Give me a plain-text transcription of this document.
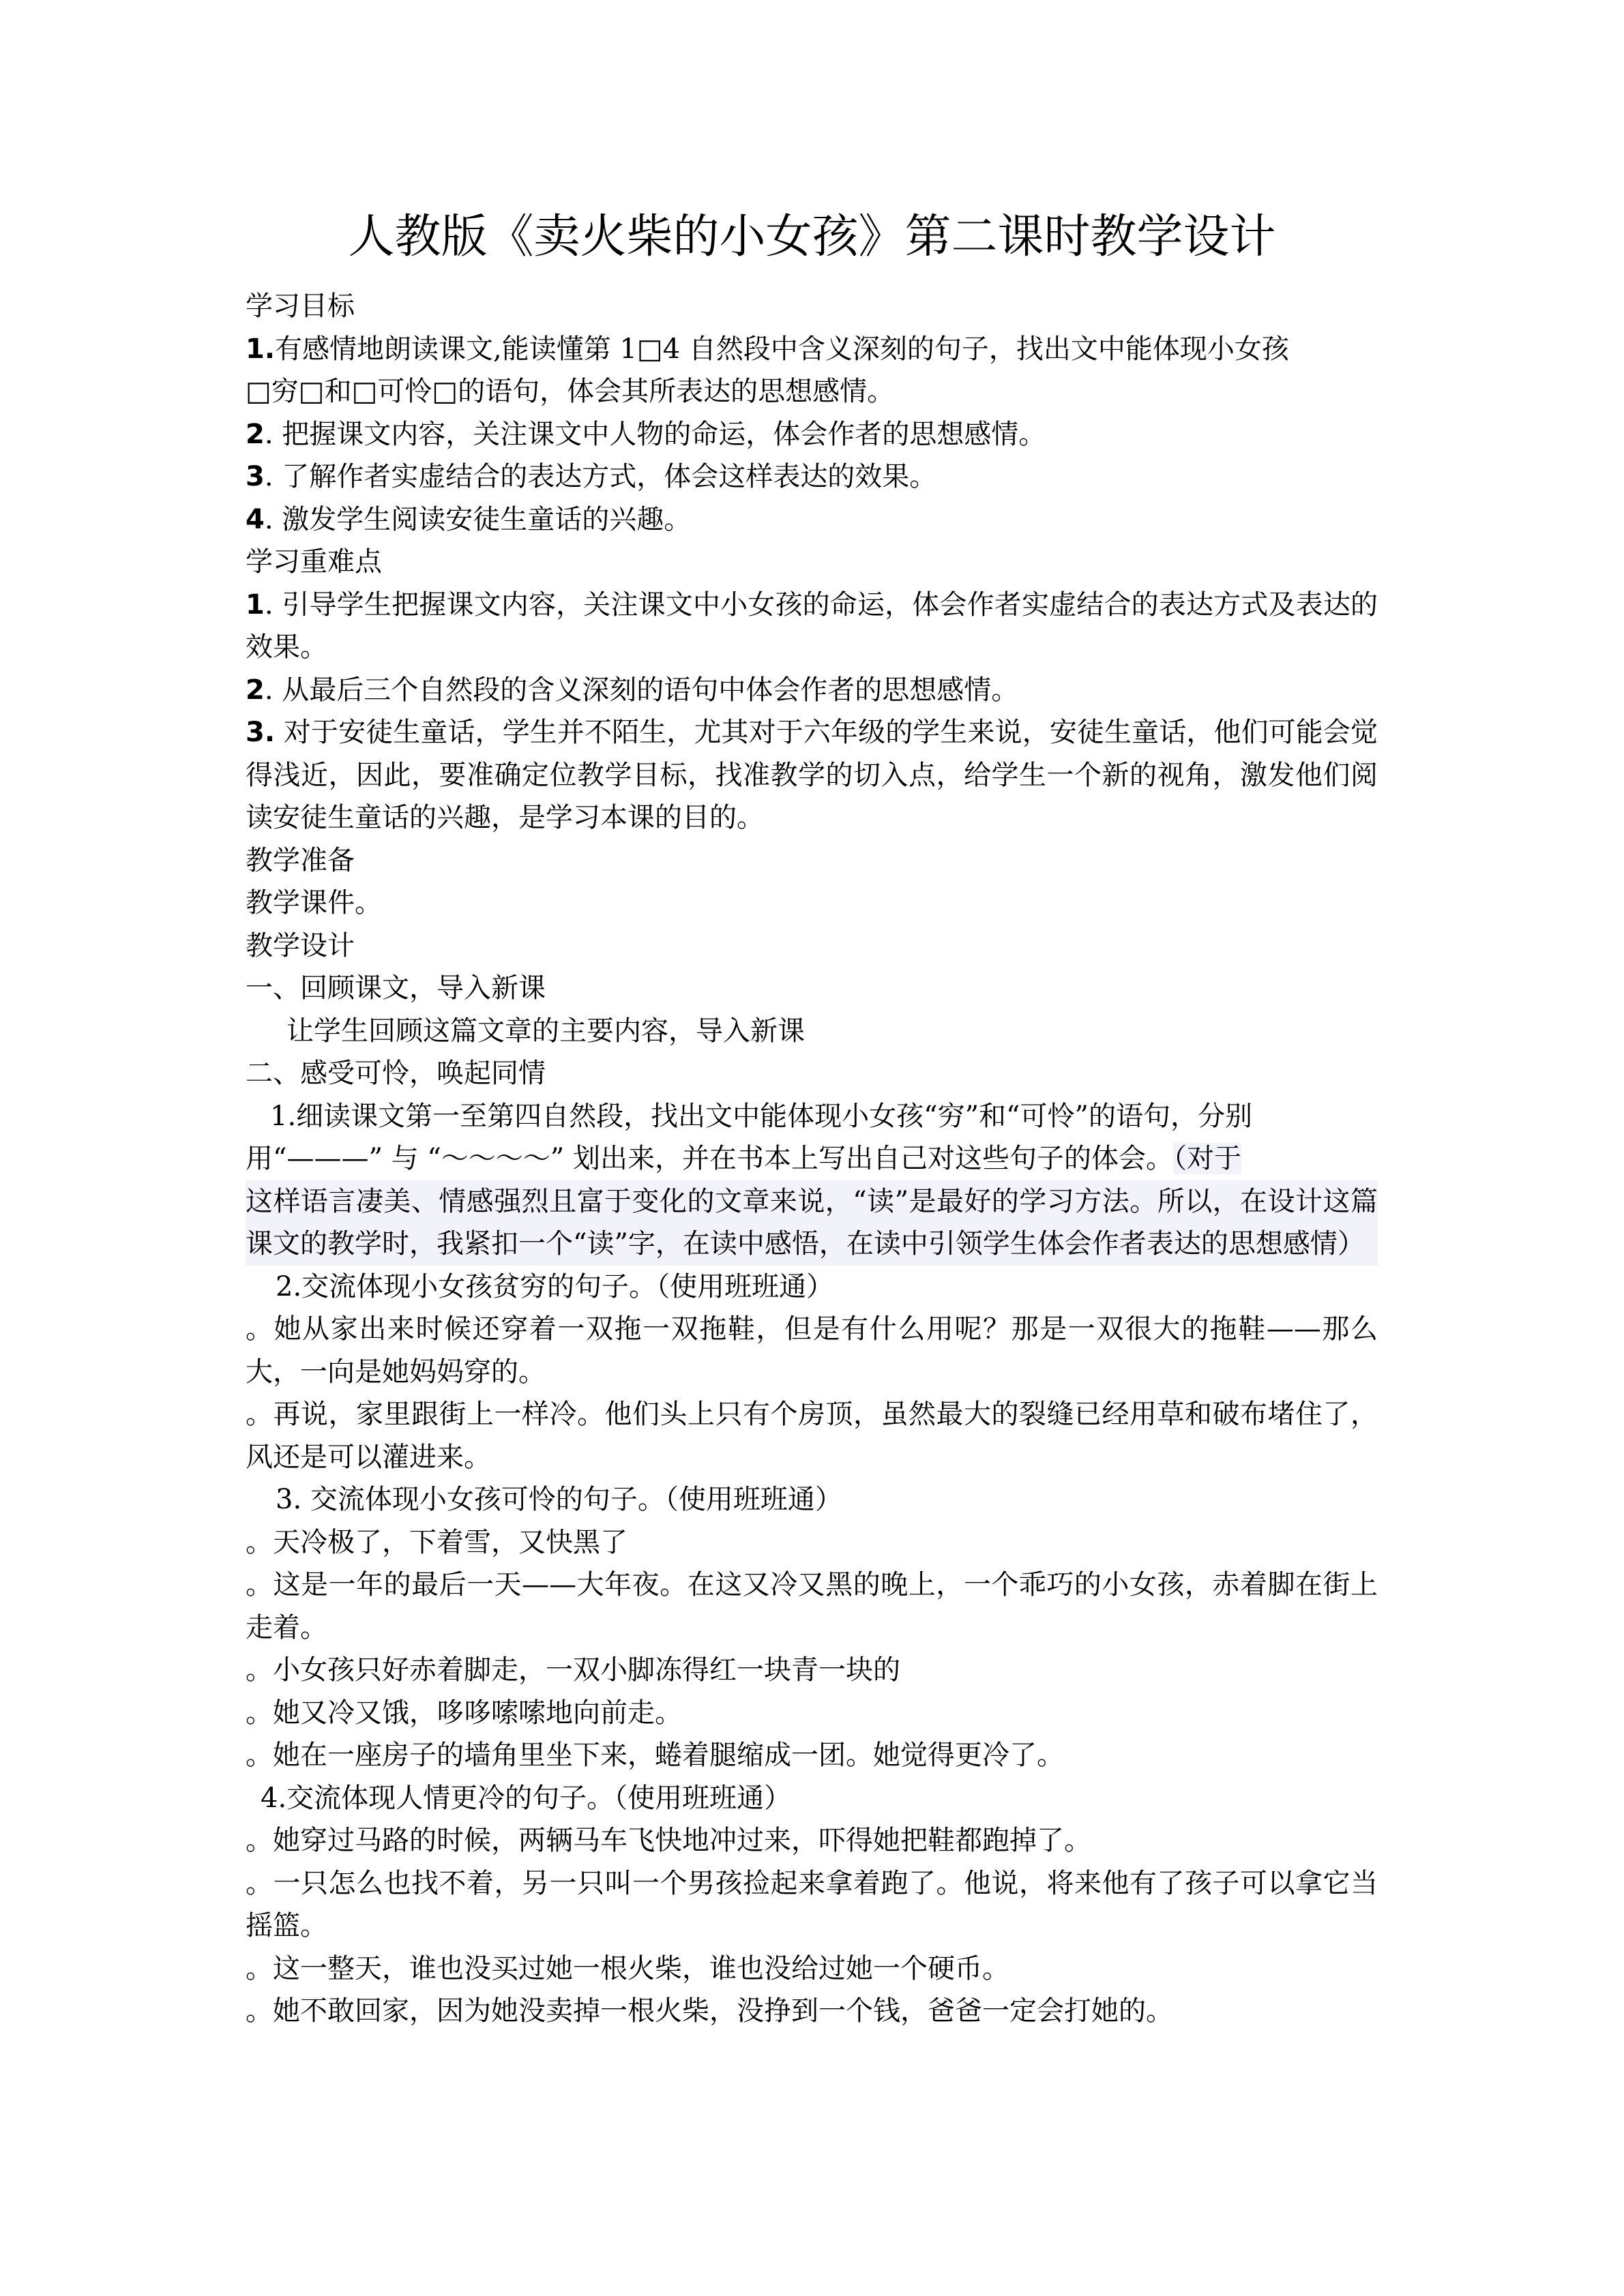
人教版《卖火柴的小女孩》第二课时教学设计

学习目标

1.有感情地朗读课文,能读懂第 1□4 自然段中含义深刻的句子，找出文中能体现小女孩

□穷□和□可怜□的语句，体会其所表达的思想感情。

2. 把握课文内容，关注课文中人物的命运，体会作者的思想感情。

3. 了解作者实虚结合的表达方式，体会这样表达的效果。

4. 激发学生阅读安徒生童话的兴趣。

学习重难点

1. 引导学生把握课文内容，关注课文中小女孩的命运，体会作者实虚结合的表达方式及表达的效果。

2. 从最后三个自然段的含义深刻的语句中体会作者的思想感情。

3. 对于安徒生童话，学生并不陌生，尤其对于六年级的学生来说，安徒生童话，他们可能会觉得浅近，因此，要准确定位教学目标，找准教学的切入点，给学生一个新的视角，激发他们阅读安徒生童话的兴趣，是学习本课的目的。

教学准备

教学课件。

教学设计

一、回顾课文，导入新课

让学生回顾这篇文章的主要内容，导入新课

二、感受可怜，唤起同情

1.细读课文第一至第四自然段，找出文中能体现小女孩“穷”和“可怜”的语句，分别

用“———” 与 “～～～～” 划出来，并在书本上写出自己对这些句子的体会。（对于

这样语言凄美、情感强烈且富于变化的文章来说，“读”是最好的学习方法。所以，在设计这篇课文的教学时，我紧扣一个“读”字，在读中感悟，在读中引领学生体会作者表达的思想感情）

2.交流体现小女孩贫穷的句子。（使用班班通）

。她从家出来时候还穿着一双拖一双拖鞋，但是有什么用呢？那是一双很大的拖鞋——那么大，一向是她妈妈穿的。

。再说，家里跟街上一样冷。他们头上只有个房顶，虽然最大的裂缝已经用草和破布堵住了，风还是可以灌进来。

3. 交流体现小女孩可怜的句子。（使用班班通）

。天冷极了，下着雪，又快黑了

。这是一年的最后一天——大年夜。在这又冷又黑的晚上，一个乖巧的小女孩，赤着脚在街上走着。

。小女孩只好赤着脚走，一双小脚冻得红一块青一块的

。她又冷又饿，哆哆嗦嗦地向前走。

。她在一座房子的墙角里坐下来，蜷着腿缩成一团。她觉得更冷了。

4.交流体现人情更冷的句子。（使用班班通）

。她穿过马路的时候，两辆马车飞快地冲过来，吓得她把鞋都跑掉了。

。一只怎么也找不着，另一只叫一个男孩捡起来拿着跑了。他说，将来他有了孩子可以拿它当摇篮。

。这一整天，谁也没买过她一根火柴，谁也没给过她一个硬币。

。她不敢回家，因为她没卖掉一根火柴，没挣到一个钱，爸爸一定会打她的。
